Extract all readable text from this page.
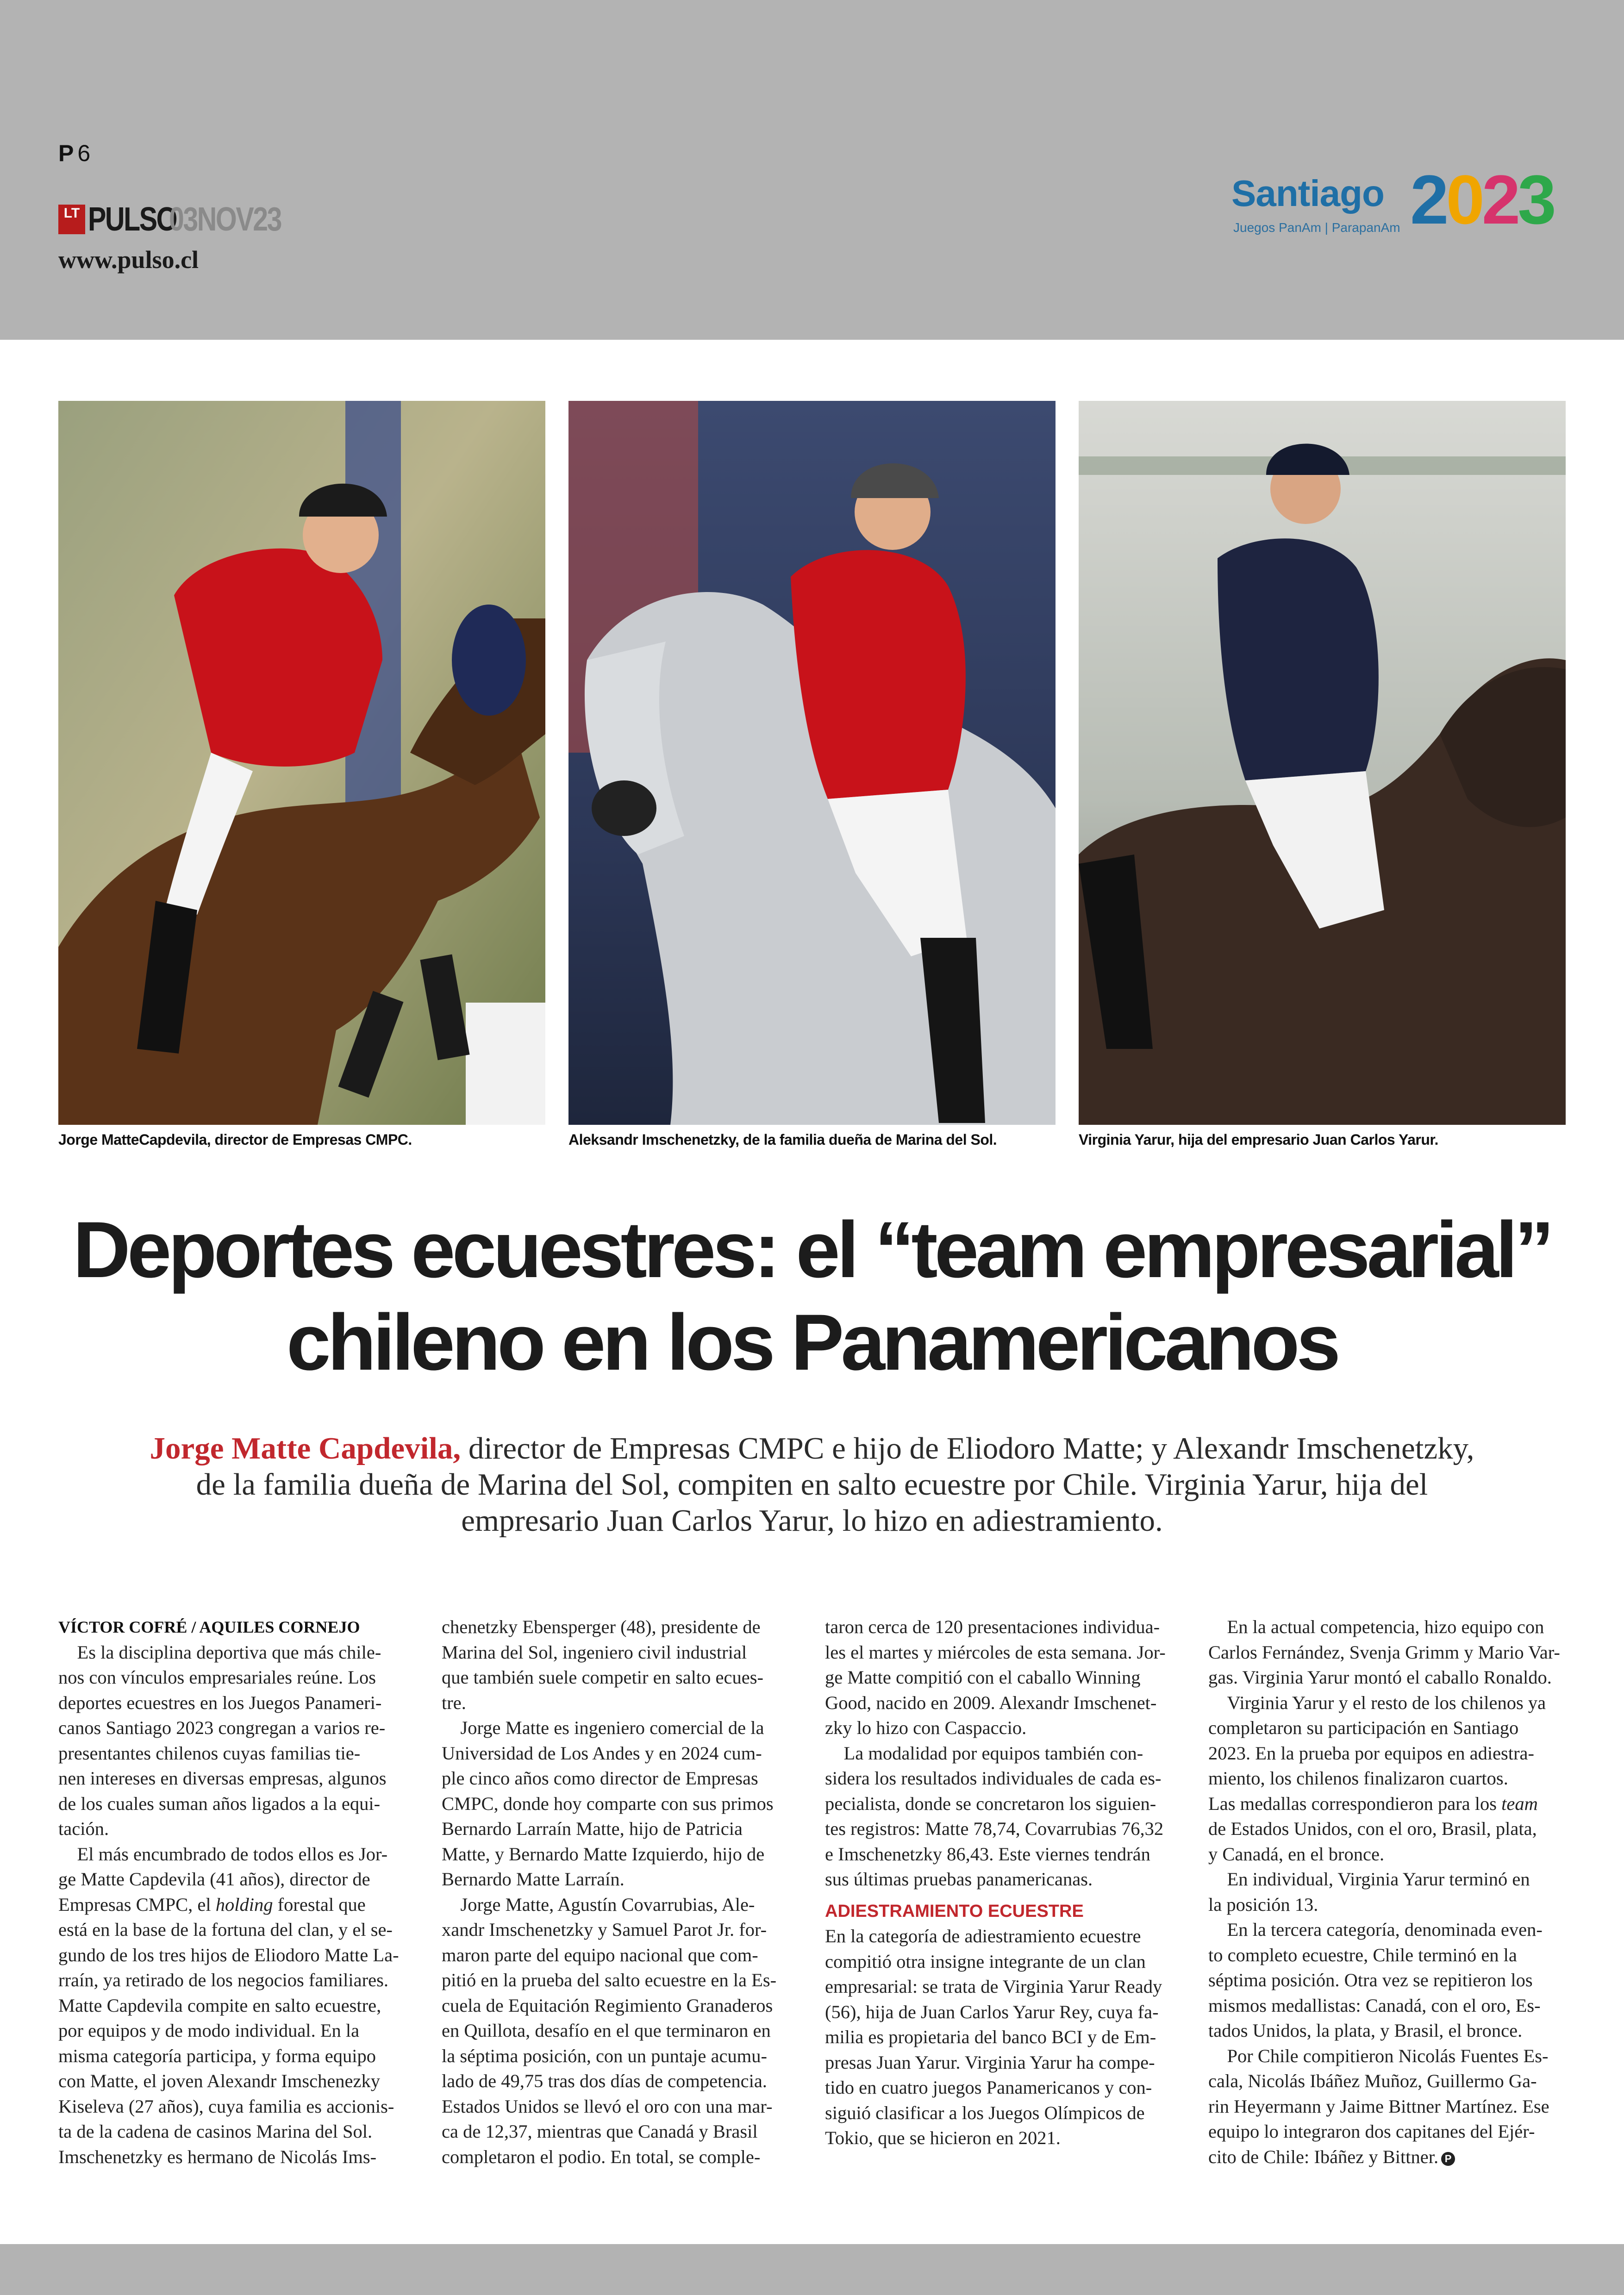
P 6
LT PULSO
03NOV23
www.pulso.cl
Santiago
Juegos PanAm | ParapanAm 2023
Jorge MatteCapdevila, director de Empresas CMPC.	Aleksandr Imschenetzky, de la familia dueña de Marina del Sol.	Virginia Yarur, hija del empresario Juan Carlos Yarur.
Deportes ecuestres: el “team empresarial”
chileno en los Panamericanos

Jorge Matte Capdevila, director de Empresas CMPC e hijo de Eliodoro Matte; y Alexandr Imschenetzky,
de la familia dueña de Marina del Sol, compiten en salto ecuestre por Chile. Virginia Yarur, hija del
empresario Juan Carlos Yarur, lo hizo en adiestramiento.

VÍCTOR COFRÉ / AQUILES CORNEJO
 Es la disciplina deportiva que más chile-
nos con vínculos empresariales reúne. Los
deportes ecuestres en los Juegos Panameri-
canos Santiago 2023 congregan a varios re-
presentantes chilenos cuyas familias tie-
nen intereses en diversas empresas, algunos
de los cuales suman años ligados a la equi-
tación.
 El más encumbrado de todos ellos es Jor-
ge Matte Capdevila (41 años), director de
Empresas CMPC, el holding forestal que
está en la base de la fortuna del clan, y el se-
gundo de los tres hijos de Eliodoro Matte La-
rraín, ya retirado de los negocios familiares.
Matte Capdevila compite en salto ecuestre,
por equipos y de modo individual. En la
misma categoría participa, y forma equipo
con Matte, el joven Alexandr Imschenezky
Kiseleva (27 años), cuya familia es accionis-
ta de la cadena de casinos Marina del Sol.
Imschenetzky es hermano de Nicolás Ims-
chenetzky Ebensperger (48), presidente de
Marina del Sol, ingeniero civil industrial
que también suele competir en salto ecues-
tre.
 Jorge Matte es ingeniero comercial de la
Universidad de Los Andes y en 2024 cum-
ple cinco años como director de Empresas
CMPC, donde hoy comparte con sus primos
Bernardo Larraín Matte, hijo de Patricia
Matte, y Bernardo Matte Izquierdo, hijo de
Bernardo Matte Larraín.
 Jorge Matte, Agustín Covarrubias, Ale-
xandr Imschenetzky y Samuel Parot Jr. for-
maron parte del equipo nacional que com-
pitió en la prueba del salto ecuestre en la Es-
cuela de Equitación Regimiento Granaderos
en Quillota, desafío en el que terminaron en
la séptima posición, con un puntaje acumu-
lado de 49,75 tras dos días de competencia.
Estados Unidos se llevó el oro con una mar-
ca de 12,37, mientras que Canadá y Brasil
completaron el podio. En total, se comple-
taron cerca de 120 presentaciones individua-
les el martes y miércoles de esta semana. Jor-
ge Matte compitió con el caballo Winning
Good, nacido en 2009. Alexandr Imschenet-
zky lo hizo con Caspaccio.
 La modalidad por equipos también con-
sidera los resultados individuales de cada es-
pecialista, donde se concretaron los siguien-
tes registros: Matte 78,74, Covarrubias 76,32
e Imschenetzky 86,43. Este viernes tendrán
sus últimas pruebas panamericanas.
ADIESTRAMIENTO ECUESTRE
En la categoría de adiestramiento ecuestre
compitió otra insigne integrante de un clan
empresarial: se trata de Virginia Yarur Ready
(56), hija de Juan Carlos Yarur Rey, cuya fa-
milia es propietaria del banco BCI y de Em-
presas Juan Yarur. Virginia Yarur ha compe-
tido en cuatro juegos Panamericanos y con-
siguió clasificar a los Juegos Olímpicos de
Tokio, que se hicieron en 2021.
 En la actual competencia, hizo equipo con
Carlos Fernández, Svenja Grimm y Mario Var-
gas. Virginia Yarur montó el caballo Ronaldo.
 Virginia Yarur y el resto de los chilenos ya
completaron su participación en Santiago
2023. En la prueba por equipos en adiestra-
miento, los chilenos finalizaron cuartos.
Las medallas correspondieron para los team
de Estados Unidos, con el oro, Brasil, plata,
y Canadá, en el bronce.
 En individual, Virginia Yarur terminó en
la posición 13.
 En la tercera categoría, denominada even-
to completo ecuestre, Chile terminó en la
séptima posición. Otra vez se repitieron los
mismos medallistas: Canadá, con el oro, Es-
tados Unidos, la plata, y Brasil, el bronce.
 Por Chile compitieron Nicolás Fuentes Es-
cala, Nicolás Ibáñez Muñoz, Guillermo Ga-
rin Heyermann y Jaime Bittner Martínez. Ese
equipo lo integraron dos capitanes del Ejér-
cito de Chile: Ibáñez y Bittner. P
